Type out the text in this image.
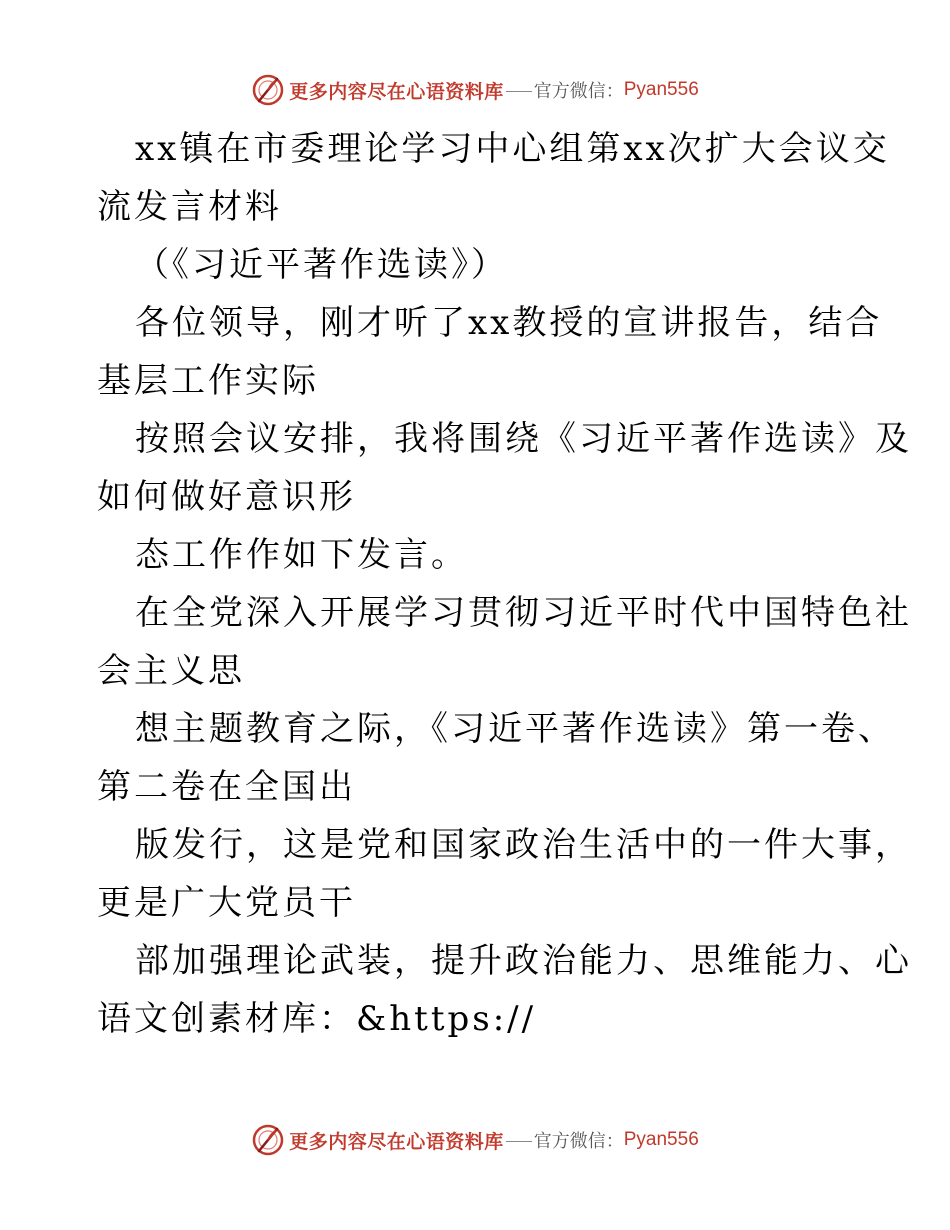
更多内容尽在心语资料库 官方微信： Pyan556
xx镇在市委理论学习中心组第xx次扩大会议交
流发言材料
（《习近平著作选读》）
各位领导，刚才听了xx教授的宣讲报告，结合
基层工作实际
按照会议安排，我将围绕《习近平著作选读》及
如何做好意识形
态工作作如下发言。
在全党深入开展学习贯彻习近平时代中国特色社
会主义思
想主题教育之际，《习近平著作选读》第一卷、
第二卷在全国出
版发行，这是党和国家政治生活中的一件大事，
更是广大党员干
部加强理论武装，提升政治能力、思维能力、心
语文创素材库：&https://
更多内容尽在心语资料库 官方微信： Pyan556
